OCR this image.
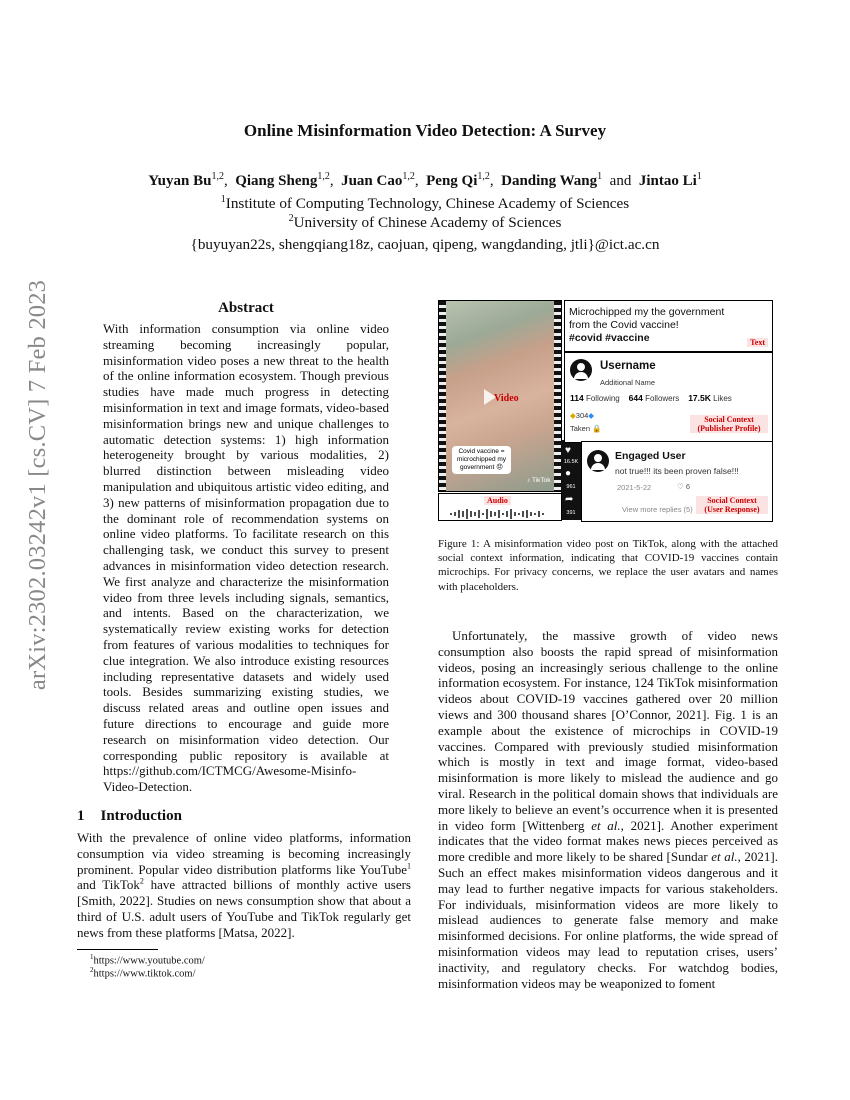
arXiv:2302.03242v1 [cs.CV] 7 Feb 2023
Online Misinformation Video Detection: A Survey
Yuyan Bu$^{1,2}$,  Qiang Sheng$^{1,2}$,  Juan Cao$^{1,2}$,  Peng Qi$^{1,2}$,  Danding Wang$^1$ and Jintao Li$^1$
$^1$Institute of Computing Technology, Chinese Academy of Sciences
$^2$University of Chinese Academy of Sciences
{buyuyan22s, shengqiang18z, caojuan, qipeng, wangdanding, jtli}@ict.ac.cn
Abstract
With information consumption via online video streaming becoming increasingly popular, misinformation video poses a new threat to the health of the online information ecosystem. Though previous studies have made much progress in detecting misinformation in text and image formats, video-based misinformation brings new and unique challenges to automatic detection systems: 1) high information heterogeneity brought by various modalities, 2) blurred distinction between misleading video manipulation and ubiquitous artistic video editing, and 3) new patterns of misinformation propagation due to the dominant role of recommendation systems on online video platforms. To facilitate research on this challenging task, we conduct this survey to present advances in misinformation video detection research. We first analyze and characterize the misinformation video from three levels including signals, semantics, and intents. Based on the characterization, we systematically review existing works for detection from features of various modalities to techniques for clue integration. We also introduce existing resources including representative datasets and widely used tools. Besides summarizing existing studies, we discuss related areas and outline open issues and future directions to encourage and guide more research on misinformation video detection. Our corresponding public repository is available at https://github.com/ICTMCG/Awesome-Misinfo-Video-Detection.
1 Introduction
With the prevalence of online video platforms, information consumption via video streaming is becoming increasingly prominent. Popular video distribution platforms like YouTube$^1$ and TikTok$^2$ have attracted billions of monthly active users [Smith, 2022]. Studies on news consumption show that about a third of U.S. adult users of YouTube and TikTok regularly get news from these platforms [Matsa, 2022].
$^1$https://www.youtube.com/
$^2$https://www.tiktok.com/
Video
Covid vaccine = microchipped my government 😠
♪ TikTok
♥
16.5K
●
961
➦
391
Audio
Microchipped my the government
from the Covid vaccine!
#covid #vaccine	Text
Username
Additional Name
114 Following 644 Followers 17.5K Likes
◆304◆
Taken 🔒
Social Context (Publisher Profile)
Engaged User
not true!!! its been proven false!!!
2021-5-22	♡ 6
View more replies (5)
Social Context (User Response)
Figure 1: A misinformation video post on TikTok, along with the attached social context information, indicating that COVID-19 vaccines contain microchips. For privacy concerns, we replace the user avatars and names with placeholders.
Unfortunately, the massive growth of video news consumption also boosts the rapid spread of misinformation videos, posing an increasingly serious challenge to the online information ecosystem. For instance, 124 TikTok misinformation videos about COVID-19 vaccines gathered over 20 million views and 300 thousand shares [O’Connor, 2021]. Fig. 1 is an example about the existence of microchips in COVID-19 vaccines. Compared with previously studied misinformation which is mostly in text and image format, video-based misinformation is more likely to mislead the audience and go viral. Research in the political domain shows that individuals are more likely to believe an event’s occurrence when it is presented in video form [Wittenberg et al., 2021]. Another experiment indicates that the video format makes news pieces perceived as more credible and more likely to be shared [Sundar et al., 2021]. Such an effect makes misinformation videos dangerous and it may lead to further negative impacts for various stakeholders. For individuals, misinformation videos are more likely to mislead audiences to generate false memory and make misinformed decisions. For online platforms, the wide spread of misinformation videos may lead to reputation crises, users’ inactivity, and regulatory checks. For watchdog bodies, misinformation videos may be weaponized to foment
